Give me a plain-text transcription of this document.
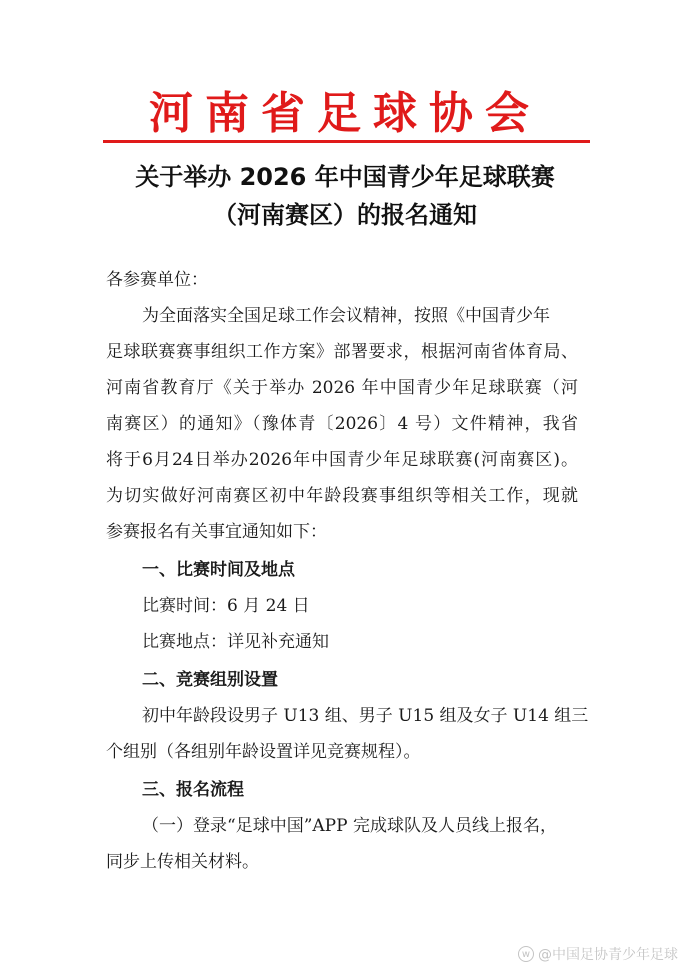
河南省足球协会
关于举办 2026 年中国青少年足球联赛
（河南赛区）的报名通知
各参赛单位：
为全面落实全国足球工作会议精神，按照《中国青少年
足球联赛赛事组织工作方案》部署要求，根据河南省体育局、
河南省教育厅《关于举办 2026 年中国青少年足球联赛（河
南赛区）的通知》（豫体青〔2026〕4 号）文件精神，我省
将于6月24日举办2026年中国青少年足球联赛(河南赛区)。
为切实做好河南赛区初中年龄段赛事组织等相关工作，现就
参赛报名有关事宜通知如下：
一、比赛时间及地点
比赛时间：6 月 24 日
比赛地点：详见补充通知
二、竞赛组别设置
初中年龄段设男子 U13 组、男子 U15 组及女子 U14 组三
个组别（各组别年龄设置详见竞赛规程）。
三、报名流程
（一）登录“足球中国”APP 完成球队及人员线上报名，
同步上传相关材料。
w @中国足协青少年足球
